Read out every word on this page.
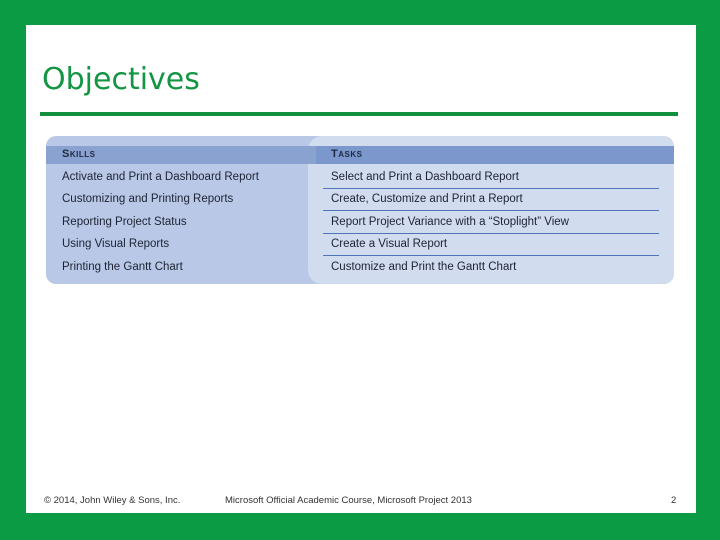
Objectives
Skills	Tasks
Activate and Print a Dashboard Report	Select and Print a Dashboard Report
Customizing and Printing Reports	Create, Customize and Print a Report
Reporting Project Status	Report Project Variance with a “Stoplight” View
Using Visual Reports	Create a Visual Report
Printing the Gantt Chart	Customize and Print the Gantt Chart
© 2014, John Wiley & Sons, Inc.	Microsoft Official Academic Course, Microsoft Project 2013	2
